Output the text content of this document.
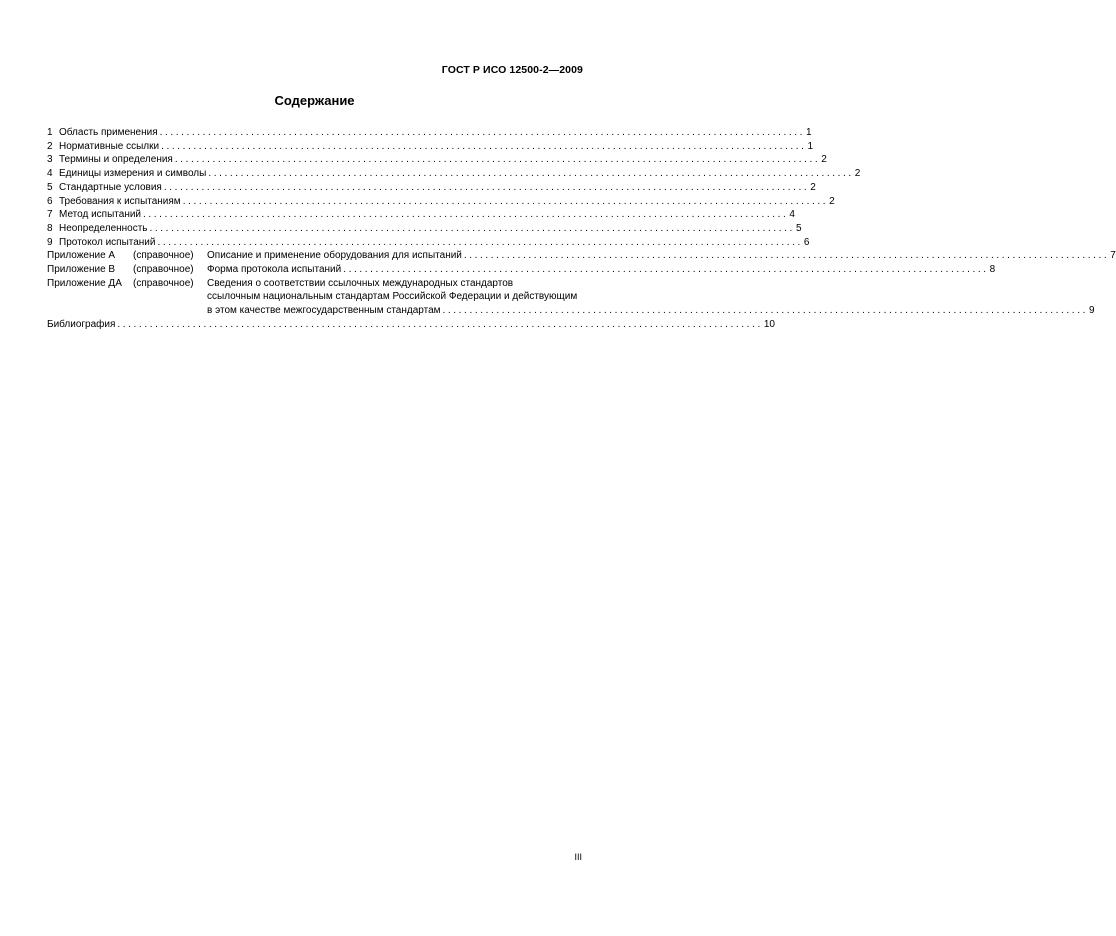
ГОСТ Р ИСО 12500-2—2009
Содержание
1 Область применения ........................................................................................................................ 1
2 Нормативные ссылки ........................................................................................................................ 1
3 Термины и определения ........................................................................................................................ 2
4 Единицы измерения и символы ........................................................................................................................ 2
5 Стандартные условия ........................................................................................................................ 2
6 Требования к испытаниям ........................................................................................................................ 2
7 Метод испытаний ........................................................................................................................ 4
8 Неопределенность ........................................................................................................................ 5
9 Протокол испытаний ........................................................................................................................ 6
Приложение А	(справочное)	Описание и применение оборудования для испытаний ........................................................................................................................ 7
Приложение В	(справочное)	Форма протокола испытаний ........................................................................................................................ 8
Приложение ДА	(справочное)	Сведения о соответствии ссылочных международных стандартов
ссылочным национальным стандартам Российской Федерации и действующим
в этом качестве межгосударственным стандартам ........................................................................................................................ 9
Библиография ........................................................................................................................ 10
III
